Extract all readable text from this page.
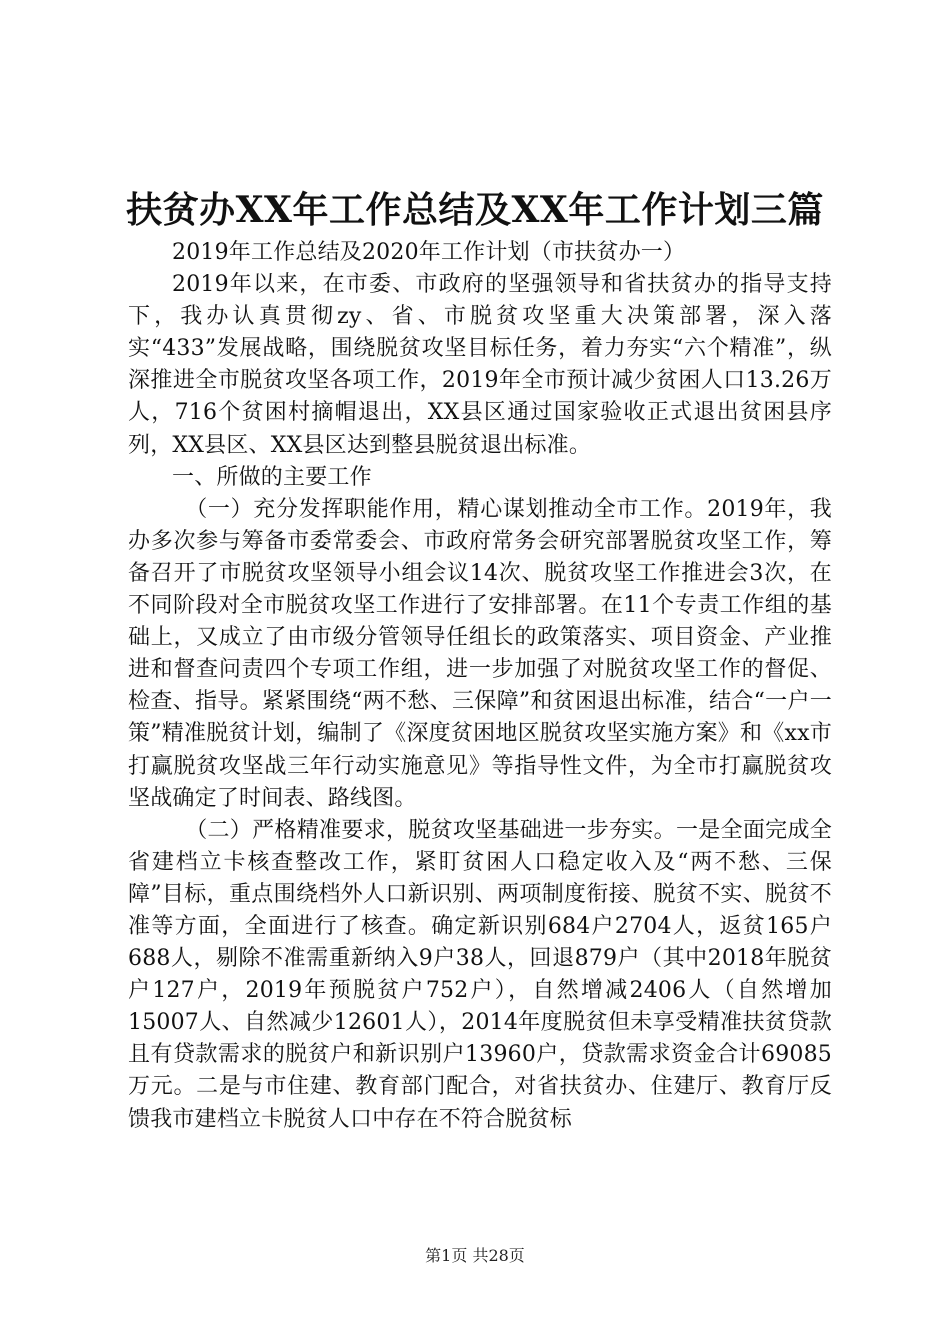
扶贫办XX年工作总结及XX年工作计划三篇

2019年工作总结及2020年工作计划（市扶贫办一）

2019年以来，在市委、市政府的坚强领导和省扶贫办的指导支持下，我办认真贯彻zy、省、市脱贫攻坚重大决策部署，深入落实“433”发展战略，围绕脱贫攻坚目标任务，着力夯实“六个精准”，纵深推进全市脱贫攻坚各项工作，2019年全市预计减少贫困人口13.26万人，716个贫困村摘帽退出，XX县区通过国家验收正式退出贫困县序列，XX县区、XX县区达到整县脱贫退出标准。

一、所做的主要工作

（一）充分发挥职能作用，精心谋划推动全市工作。2019年，我办多次参与筹备市委常委会、市政府常务会研究部署脱贫攻坚工作，筹备召开了市脱贫攻坚领导小组会议14次、脱贫攻坚工作推进会3次，在不同阶段对全市脱贫攻坚工作进行了安排部署。在11个专责工作组的基础上，又成立了由市级分管领导任组长的政策落实、项目资金、产业推进和督查问责四个专项工作组，进一步加强了对脱贫攻坚工作的督促、检查、指导。紧紧围绕“两不愁、三保障”和贫困退出标准，结合“一户一策”精准脱贫计划，编制了《深度贫困地区脱贫攻坚实施方案》和《xx市打赢脱贫攻坚战三年行动实施意见》等指导性文件，为全市打赢脱贫攻坚战确定了时间表、路线图。

（二）严格精准要求，脱贫攻坚基础进一步夯实。一是全面完成全省建档立卡核查整改工作，紧盯贫困人口稳定收入及“两不愁、三保障”目标，重点围绕档外人口新识别、两项制度衔接、脱贫不实、脱贫不准等方面，全面进行了核查。确定新识别684户2704人，返贫165户688人，剔除不准需重新纳入9户38人，回退879户（其中2018年脱贫户127户，2019年预脱贫户752户），自然增减2406人（自然增加15007人、自然减少12601人），2014年度脱贫但未享受精准扶贫贷款且有贷款需求的脱贫户和新识别户13960户，贷款需求资金合计69085万元。二是与市住建、教育部门配合，对省扶贫办、住建厅、教育厅反馈我市建档立卡脱贫人口中存在不符合脱贫标

第1页 共28页
